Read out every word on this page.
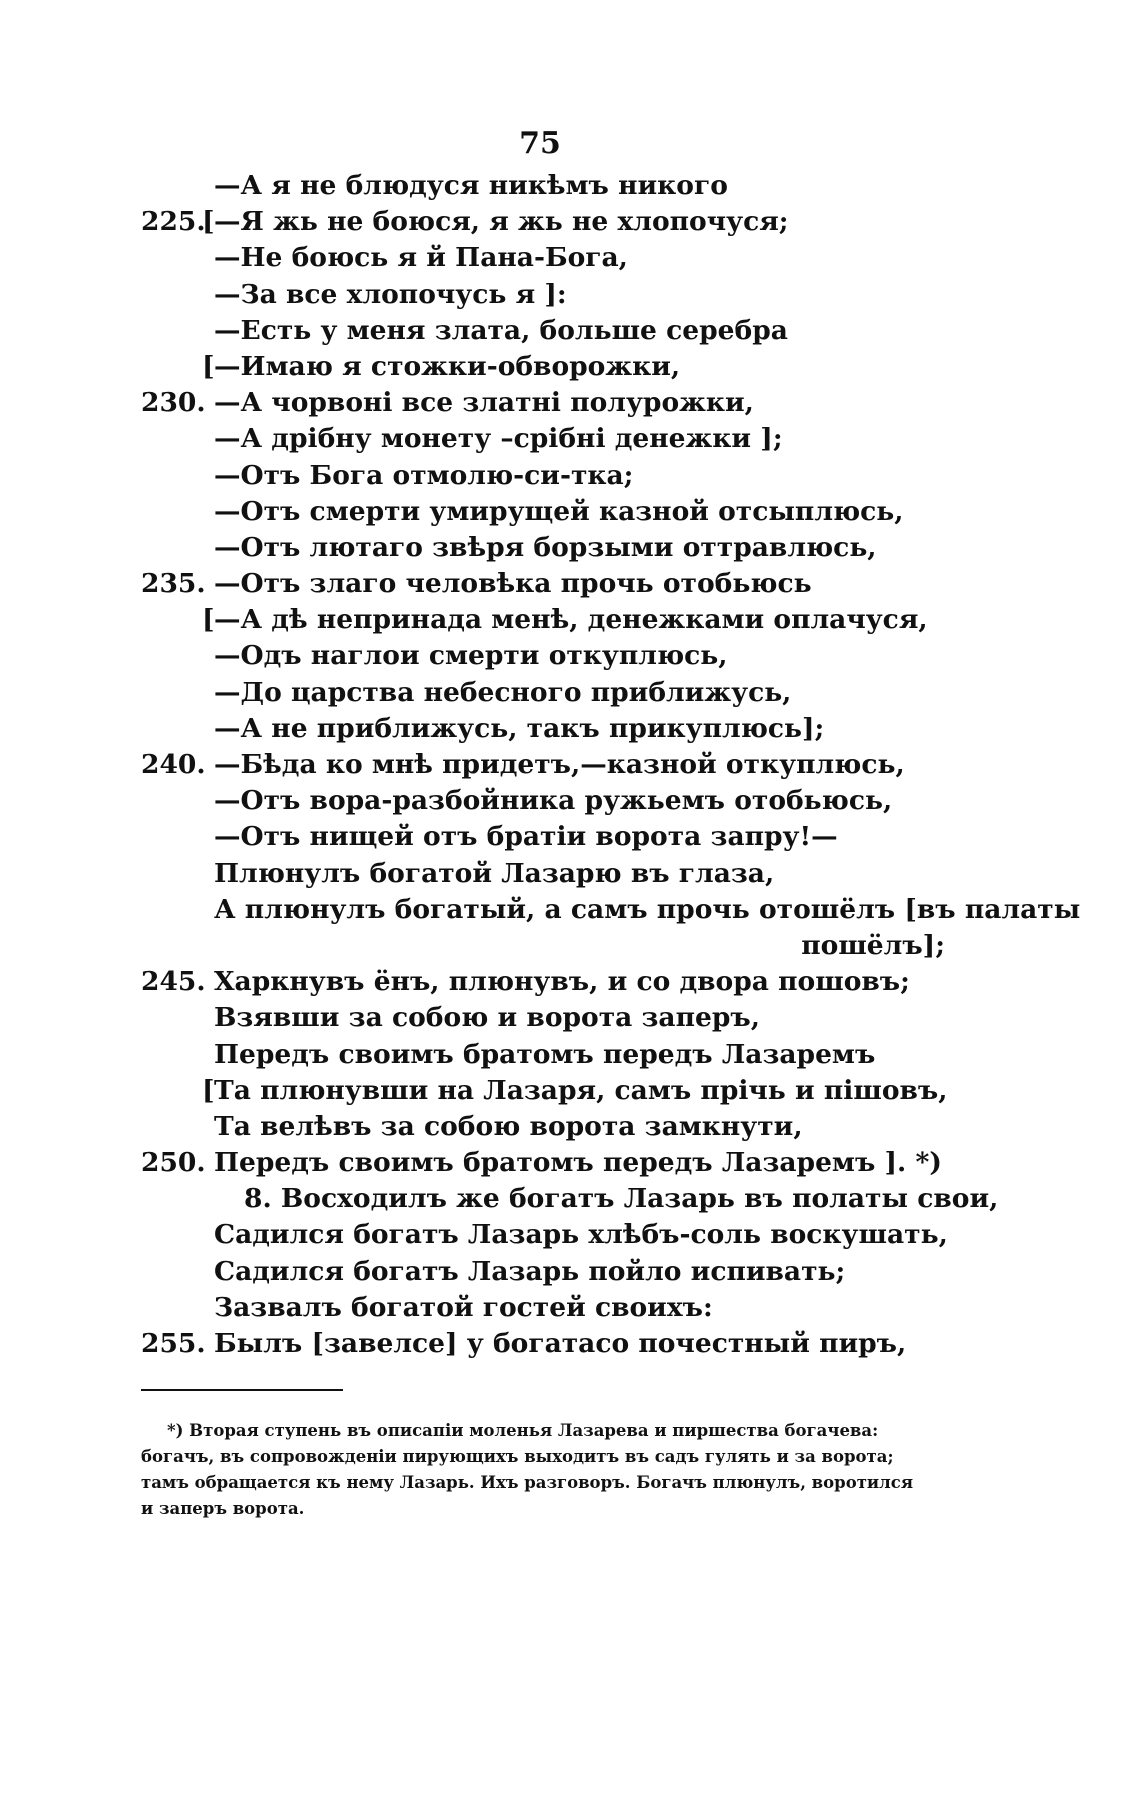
75
—А я не блюдуся никѣмъ никого
225.
[ —Я жь не боюся, я жь не хлопочуся;
—Не боюсь я й Пана-Бога,
—За все хлопочусь я ]:
—Есть у меня злата, больше серебра
[ —Имаю я стожки-обворожки,
230. —А чорвоні все златні полурожки,
—А дрібну монету –срібні денежки ];
—Отъ Бога отмолю-си-тка;
—Отъ смерти умирущей казной отсыплюсь,
—Отъ лютаго звѣря борзыми оттравлюсь,
235. —Отъ злаго человѣка прочь отобьюсь
[ —А дѣ непринада менѣ, денежками оплачуся,
—Одъ наглои смерти откуплюсь,
—До царства небесного приближусь,
—А не приближусь, такъ прикуплюсь];
240. —Бѣда ко мнѣ придетъ,—казной откуплюсь,
—Отъ вора-разбойника ружьемъ отобьюсь,
—Отъ нищей отъ братіи ворота запру!—
Плюнулъ богатой Лазарю въ глаза,
А плюнулъ богатый, а самъ прочь отошёлъ [въ палаты
пошёлъ];
245. Харкнувъ ёнъ, плюнувъ, и со двора пошовъ;
Взявши за собою и ворота заперъ,
Передъ своимъ братомъ передъ Лазаремъ
[ Та плюнувши на Лазаря, самъ прічь и пішовъ,
Та велѣвъ за собою ворота замкнути,
250. Передъ своимъ братомъ передъ Лазаремъ ]. *)
8. Восходилъ же богатъ Лазарь въ полаты свои,
Садился богатъ Лазарь хлѣбъ-соль воскушать,
Садился богатъ Лазарь пойло испивать;
Зазвалъ богатой гостей своихъ:
255. Былъ [завелсе] у богатасо почестный пиръ,

*) Вторая ступень въ описапіи моленья Лазарева и пиршества богачева:

богачъ, въ сопровожденіи пирующихъ выходитъ въ садъ гулять и за ворота;

тамъ обращается къ нему Лазарь. Ихъ разговоръ. Богачъ плюнулъ, воротился

и заперъ ворота.
